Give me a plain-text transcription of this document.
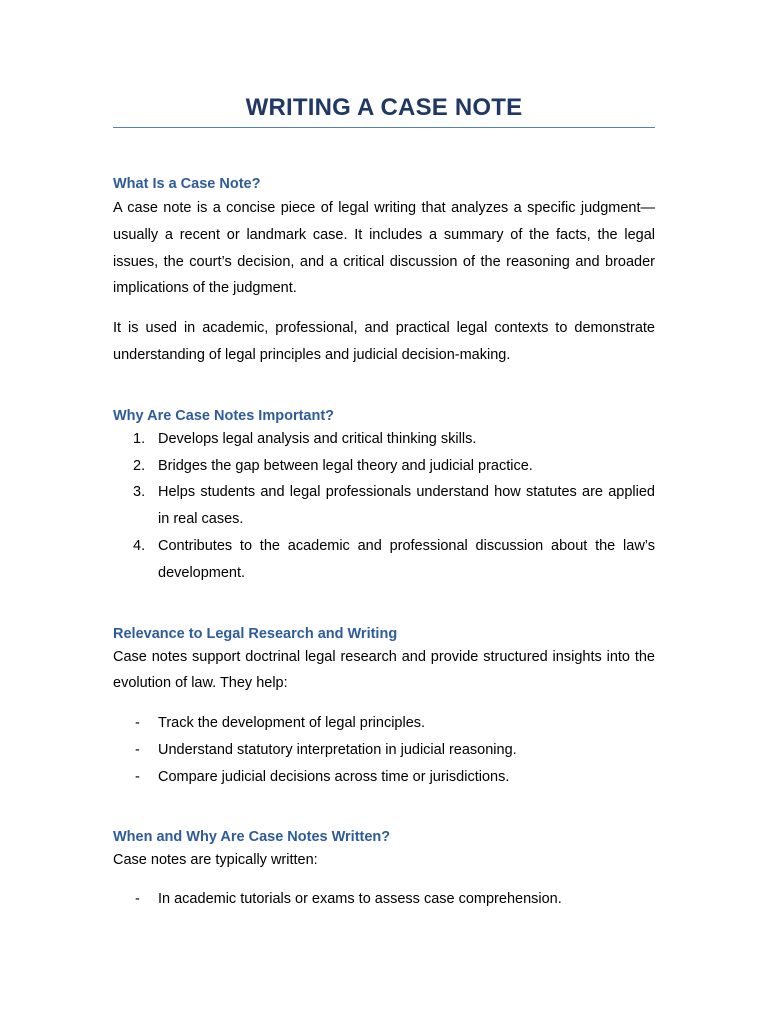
WRITING A CASE NOTE
What Is a Case Note?

A case note is a concise piece of legal writing that analyzes a specific judgment—usually a recent or landmark case. It includes a summary of the facts, the legal issues, the court’s decision, and a critical discussion of the reasoning and broader implications of the judgment.

It is used in academic, professional, and practical legal contexts to demonstrate understanding of legal principles and judicial decision-making.

Why Are Case Notes Important?
1. Develops legal analysis and critical thinking skills.
2. Bridges the gap between legal theory and judicial practice.
3. Helps students and legal professionals understand how statutes are applied in real cases.
4. Contributes to the academic and professional discussion about the law’s development.
Relevance to Legal Research and Writing

Case notes support doctrinal legal research and provide structured insights into the evolution of law. They help:

-	Track the development of legal principles.
-	Understand statutory interpretation in judicial reasoning.
-	Compare judicial decisions across time or jurisdictions.
When and Why Are Case Notes Written?

Case notes are typically written:

-	In academic tutorials or exams to assess case comprehension.
